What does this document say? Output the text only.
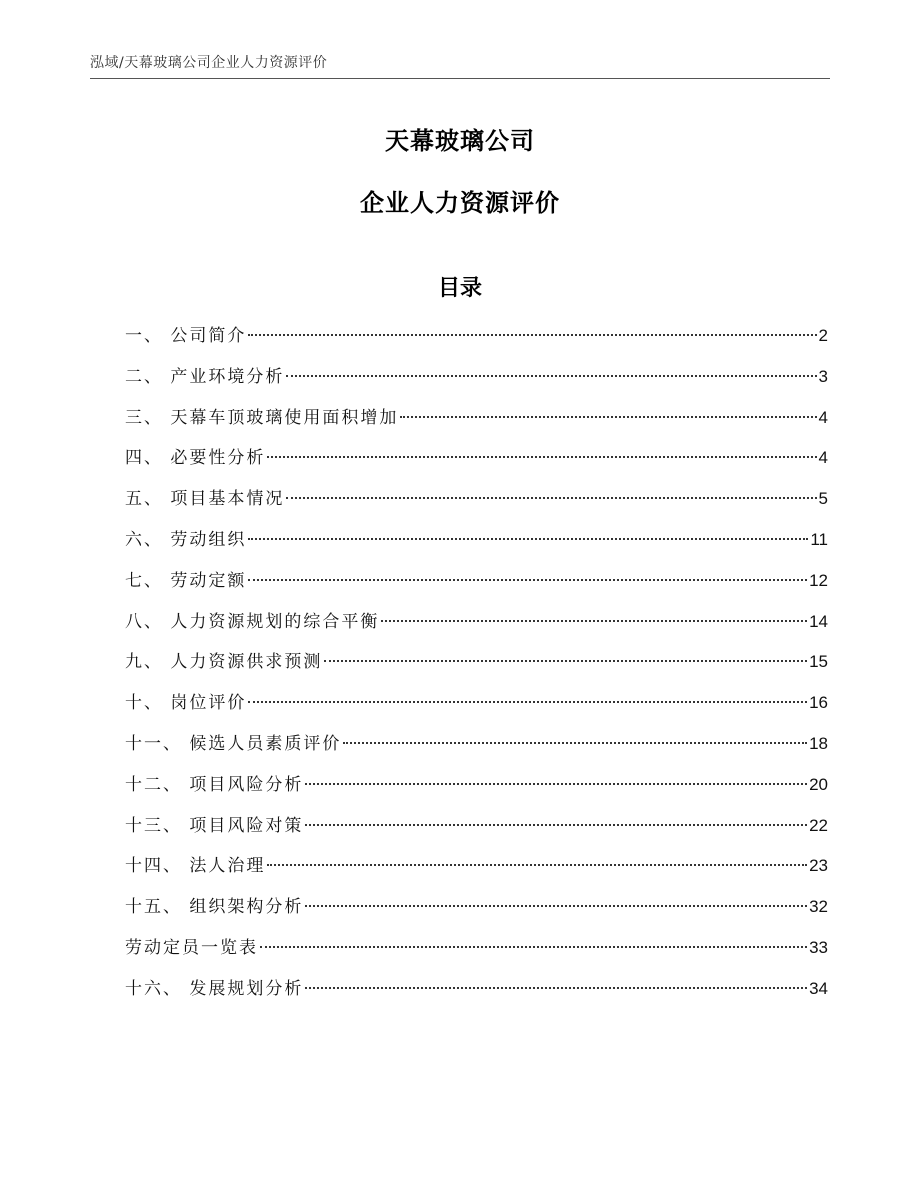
泓域/天幕玻璃公司企业人力资源评价
天幕玻璃公司
企业人力资源评价
目录
一、 公司简介	2
二、 产业环境分析	3
三、 天幕车顶玻璃使用面积增加	4
四、 必要性分析	4
五、 项目基本情况	5
六、 劳动组织	11
七、 劳动定额	12
八、 人力资源规划的综合平衡	14
九、 人力资源供求预测	15
十、 岗位评价	16
十一、 候选人员素质评价	18
十二、 项目风险分析	20
十三、 项目风险对策	22
十四、 法人治理	23
十五、 组织架构分析	32
劳动定员一览表	33
十六、 发展规划分析	34
